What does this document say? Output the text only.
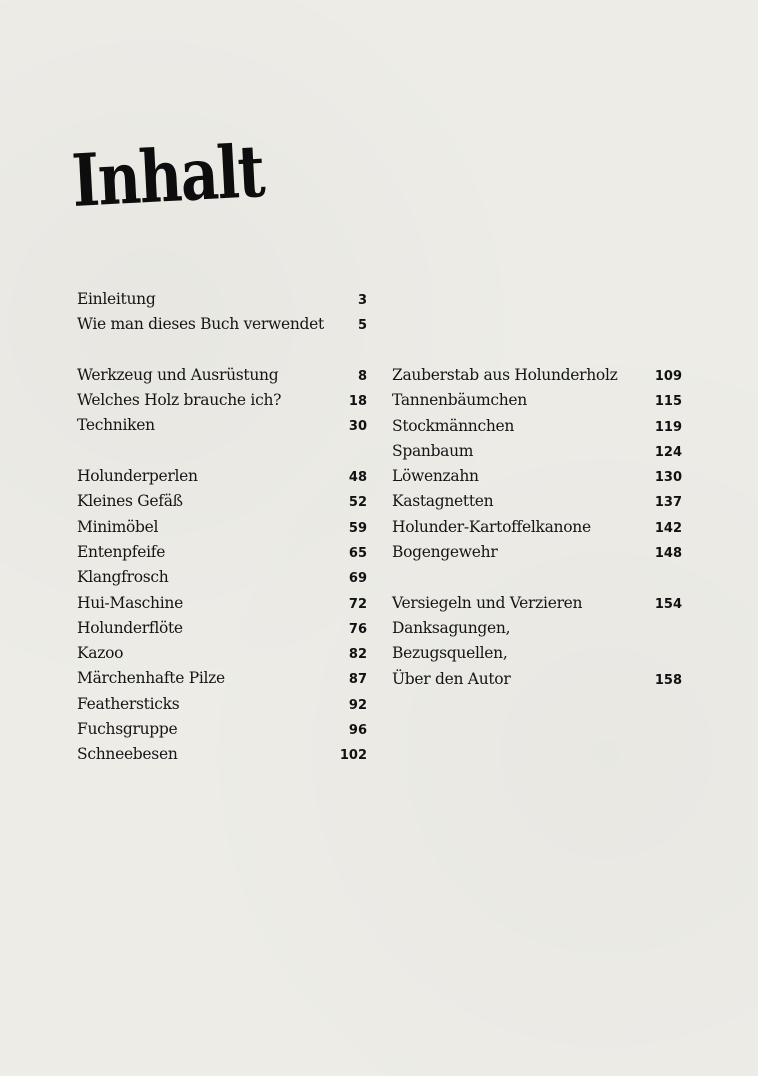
Inhalt
Einleitung	3
Wie man dieses Buch verwendet	5
Werkzeug und Ausrüstung	8
Welches Holz brauche ich?	18
Techniken	30
Holunderperlen	48
Kleines Gefäß	52
Minimöbel	59
Entenpfeife	65
Klangfrosch	69
Hui-Maschine	72
Holunderflöte	76
Kazoo	82
Märchenhafte Pilze	87
Feathersticks	92
Fuchsgruppe	96
Schneebesen	102
Zauberstab aus Holunderholz	109
Tannenbäumchen	115
Stockmännchen	119
Spanbaum	124
Löwenzahn	130
Kastagnetten	137
Holunder-Kartoffelkanone	142
Bogengewehr	148
Versiegeln und Verzieren	154
Danksagungen,
Bezugsquellen,
Über den Autor	158
